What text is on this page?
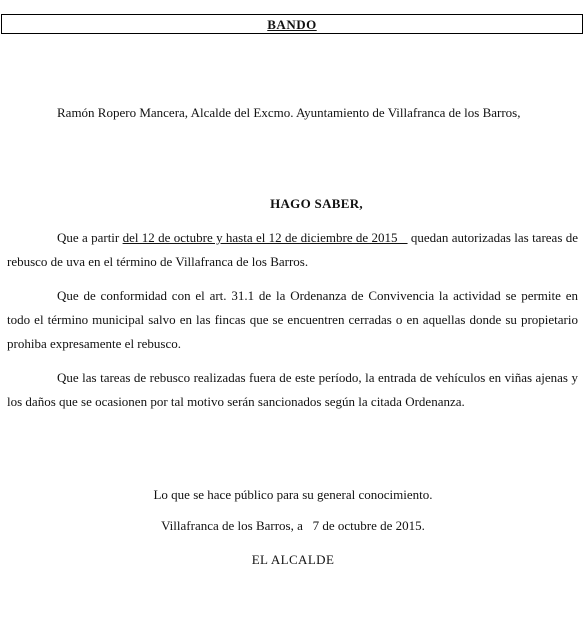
BANDO
Ramón Ropero Mancera, Alcalde del Excmo. Ayuntamiento de Villafranca de los Barros,
HAGO SABER,
Que a partir del 12 de octubre y hasta el 12 de diciembre de 2015    quedan autorizadas las tareas de rebusco de uva en el término de Villafranca de los Barros.
Que de conformidad con el art. 31.1 de la Ordenanza de Convivencia la actividad se permite en todo el término municipal salvo en las fincas que se encuentren cerradas o en aquellas donde su propietario prohiba expresamente el rebusco.
Que las tareas de rebusco realizadas fuera de este período, la entrada de vehículos en viñas ajenas y los daños que se ocasionen por tal motivo serán sancionados según la citada Ordenanza.
Lo que se hace público para su general conocimiento.
Villafranca de los Barros, a   7 de octubre de 2015.
EL ALCALDE
